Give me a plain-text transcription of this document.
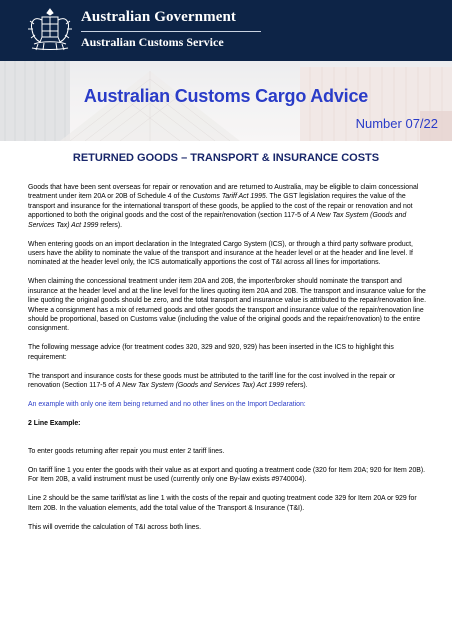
Australian Government
Australian Customs Service
Australian Customs Cargo Advice
Number 07/22
RETURNED GOODS – TRANSPORT & INSURANCE COSTS

Goods that have been sent overseas for repair or renovation and are returned to Australia, may be eligible to claim concessional treatment under item 20A or 20B of Schedule 4 of the Customs Tariff Act 1995. The GST legislation requires the value of the transport and insurance for the international transport of these goods, be applied to the cost of the repair or renovation and not apportioned to both the original goods and the cost of the repair/renovation (section 117-5 of A New Tax System (Goods and Services Tax) Act 1999 refers).

When entering goods on an import declaration in the Integrated Cargo System (ICS), or through a third party software product, users have the ability to nominate the value of the transport and insurance at the header level or at the header and line level. If nominated at the header level only, the ICS automatically apportions the cost of T&I across all lines for importations.

When claiming the concessional treatment under item 20A and 20B, the importer/broker should nominate the transport and insurance at the header level and at the line level for the lines quoting item 20A and 20B. The transport and insurance value for the line quoting the original goods should be zero, and the total transport and insurance value is attributed to the repair/renovation line. Where a consignment has a mix of returned goods and other goods the transport and insurance value of the repair/renovation line should be proportional, based on Customs value (including the value of the original goods and the repair/renovation) to the entire consignment.

The following message advice (for treatment codes 320, 329 and 920, 929) has been inserted in the ICS to highlight this requirement:

The transport and insurance costs for these goods must be attributed to the tariff line for the cost involved in the repair or renovation (Section 117-5 of A New Tax System (Goods and Services Tax) Act 1999 refers).

An example with only one item being returned and no other lines on the Import Declaration:

2 Line Example:

To enter goods returning after repair you must enter 2 tariff lines.

On tariff line 1 you enter the goods with their value as at export and quoting a treatment code (320 for Item 20A; 920 for Item 20B). For Item 20B, a valid instrument must be used (currently only one By-law exists #9740004).

Line 2 should be the same tariff/stat as line 1 with the costs of the repair and quoting treatment code 329 for Item 20A or 929 for Item 20B. In the valuation elements, add the total value of the Transport & Insurance (T&I).

This will override the calculation of T&I across both lines.
